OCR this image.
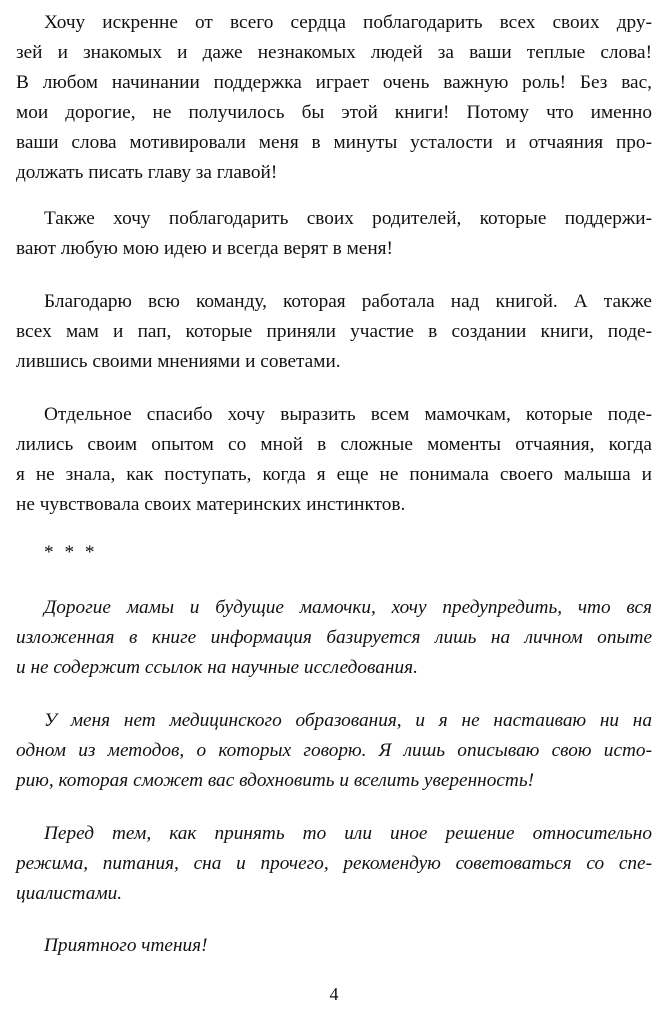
Хочу искренне от всего сердца поблагодарить всех своих дру-
зей и знакомых и даже незнакомых людей за ваши теплые слова!
В любом начинании поддержка играет очень важную роль! Без вас,
мои дорогие, не получилось бы этой книги! Потому что именно
ваши слова мотивировали меня в минуты усталости и отчаяния про-
должать писать главу за главой!
Также хочу поблагодарить своих родителей, которые поддержи-
вают любую мою идею и всегда верят в меня!
Благодарю всю команду, которая работала над книгой. А также
всех мам и пап, которые приняли участие в создании книги, поде-
лившись своими мнениями и советами.
Отдельное спасибо хочу выразить всем мамочкам, которые поде-
лились своим опытом со мной в сложные моменты отчаяния, когда
я не знала, как поступать, когда я еще не понимала своего малыша и
не чувствовала своих материнских инстинктов.
* * *
Дорогие мамы и будущие мамочки, хочу предупредить, что вся
изложенная в книге информация базируется лишь на личном опыте
и не содержит ссылок на научные исследования.
У меня нет медицинского образования, и я не настаиваю ни на
одном из методов, о которых говорю. Я лишь описываю свою исто-
рию, которая сможет вас вдохновить и вселить уверенность!
Перед тем, как принять то или иное решение относительно
режима, питания, сна и прочего, рекомендую советоваться со спе-
циалистами.
Приятного чтения!
4
